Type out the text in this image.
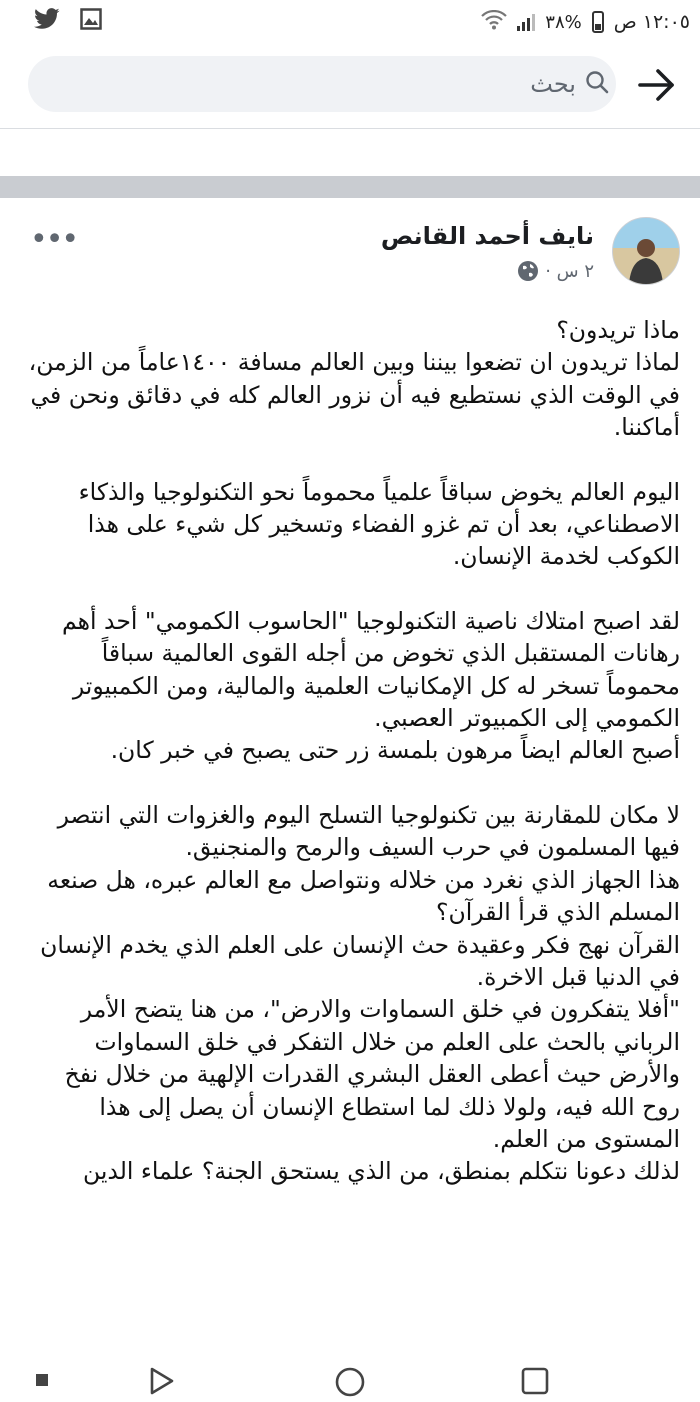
٣٨% ١٢:٠٥ ص
بحث
نايف أحمد القانص
٢ س ·
•••

ماذا تريدون؟

لماذا تريدون ان تضعوا بيننا وبين العالم مسافة ١٤٠٠عاماً من الزمن، في الوقت الذي نستطيع فيه أن نزور العالم كله في دقائق ونحن في أماكننا.

اليوم العالم يخوض سباقاً علمياً محموماً نحو التكنولوجيا والذكاء الاصطناعي، بعد أن تم غزو الفضاء وتسخير كل شيء على هذا الكوكب لخدمة الإنسان.

لقد اصبح امتلاك ناصية التكنولوجيا "الحاسوب الكمومي" أحد أهم رهانات المستقبل الذي تخوض من أجله القوى العالمية سباقاً محموماً تسخر له كل الإمكانيات العلمية والمالية، ومن الكمبيوتر الكمومي إلى الكمبيوتر العصبي.

أصبح العالم ايضاً مرهون بلمسة زر حتى يصبح في خبر كان.

لا مكان للمقارنة بين تكنولوجيا التسلح اليوم والغزوات التي انتصر فيها المسلمون في حرب السيف والرمح والمنجنيق.

هذا الجهاز الذي نغرد من خلاله ونتواصل مع العالم عبره، هل صنعه المسلم الذي قرأ القرآن؟

القرآن نهج فكر وعقيدة حث الإنسان على العلم الذي يخدم الإنسان في الدنيا قبل الاخرة.

"أفلا يتفكرون في خلق السماوات والارض"، من هنا يتضح الأمر الرباني بالحث على العلم من خلال التفكر في خلق السماوات والأرض حيث أعطى العقل البشري القدرات الإلهية من خلال نفخ روح الله فيه، ولولا ذلك لما استطاع الإنسان أن يصل إلى هذا المستوى من العلم.

لذلك دعونا نتكلم بمنطق، من الذي يستحق الجنة؟ علماء الدين
